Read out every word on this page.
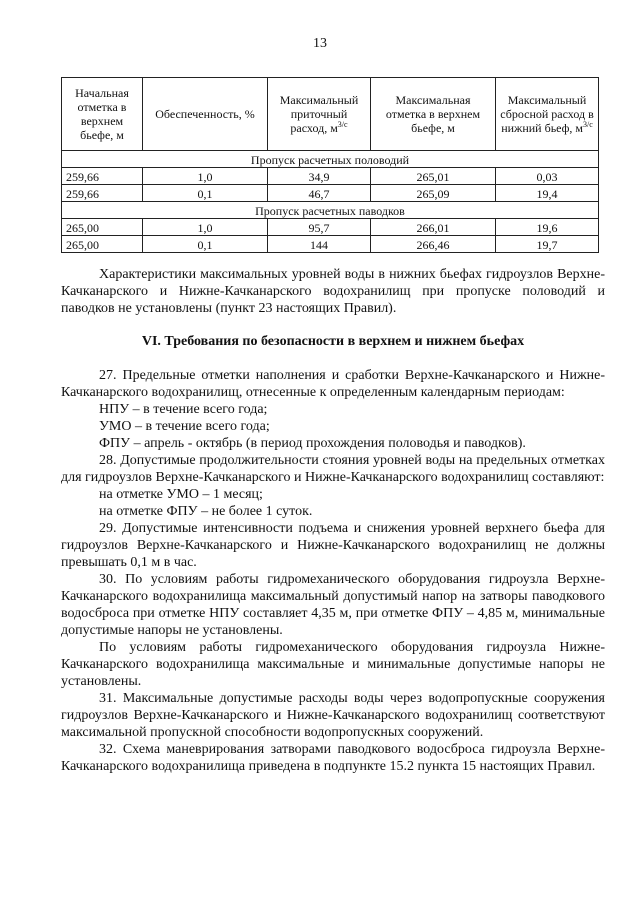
13
Начальная отметка в верхнем бьефе, м	Обеспеченность, %	Максимальный приточный расход, $м^{3/с}$	Максимальная отметка в верхнем бьефе, м	Максимальный сбросной расход в нижний бьеф, $м^{3/с}$
Пропуск расчетных половодий				
259,66	1,0	34,9	265,01	0,03
259,66	0,1	46,7	265,09	19,4
Пропуск расчетных паводков				
265,00	1,0	95,7	266,01	19,6
265,00	0,1	144	266,46	19,7

Характеристики максимальных уровней воды в нижних бьефах гидроузлов Верхне-Качканарского и Нижне-Качканарского водохранилищ при пропуске половодий и паводков не установлены (пункт 23 настоящих Правил).

VI. Требования по безопасности в верхнем и нижнем бьефах

27. Предельные отметки наполнения и сработки Верхне-Качканарского и Нижне-Качканарского водохранилищ, отнесенные к определенным календарным периодам:

НПУ – в течение всего года;

УМО – в течение всего года;

ФПУ – апрель - октябрь (в период прохождения половодья и паводков).

28. Допустимые продолжительности стояния уровней воды на предельных отметках для гидроузлов Верхне-Качканарского и Нижне-Качканарского водохранилищ составляют:

на отметке УМО – 1 месяц;

на отметке ФПУ – не более 1 суток.

29. Допустимые интенсивности подъема и снижения уровней верхнего бьефа для гидроузлов Верхне-Качканарского и Нижне-Качканарского водохранилищ не должны превышать 0,1 м в час.

30. По условиям работы гидромеханического оборудования гидроузла Верхне-Качканарского водохранилища максимальный допустимый напор на затворы паводкового водосброса при отметке НПУ составляет 4,35 м, при отметке ФПУ – 4,85 м, минимальные допустимые напоры не установлены.

По условиям работы гидромеханического оборудования гидроузла Нижне-Качканарского водохранилища максимальные и минимальные допустимые напоры не установлены.

31. Максимальные допустимые расходы воды через водопропускные сооружения гидроузлов Верхне-Качканарского и Нижне-Качканарского водохранилищ соответствуют максимальной пропускной способности водопропускных сооружений.

32. Схема маневрирования затворами паводкового водосброса гидроузла Верхне-Качканарского водохранилища приведена в подпункте 15.2 пункта 15 настоящих Правил.
